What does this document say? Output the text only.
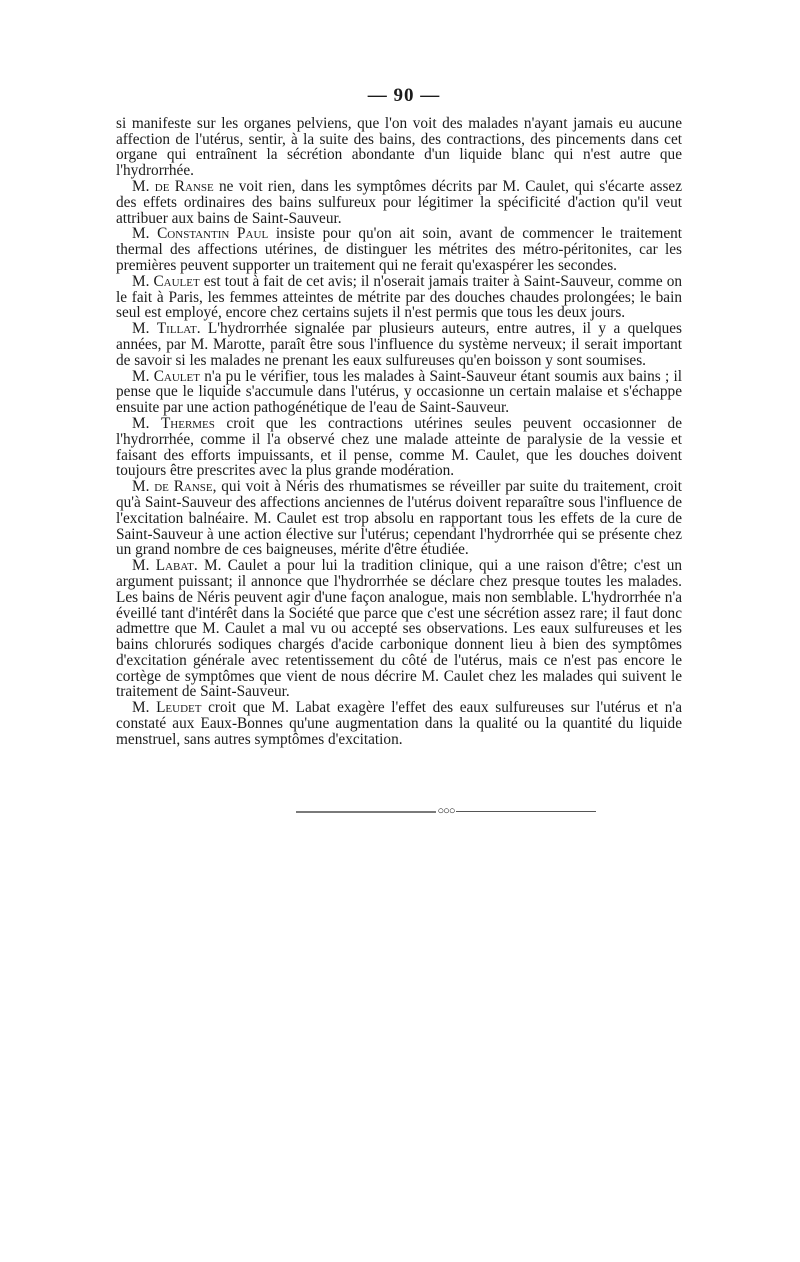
— 90 —

si manifeste sur les organes pelviens, que l'on voit des malades n'ayant jamais eu aucune affection de l'utérus, sentir, à la suite des bains, des contractions, des pincements dans cet organe qui entraînent la sécrétion abondante d'un liquide blanc qui n'est autre que l'hydrorrhée.

M. de Ranse ne voit rien, dans les symptômes décrits par M. Caulet, qui s'écarte assez des effets ordinaires des bains sulfureux pour légitimer la spécificité d'action qu'il veut attribuer aux bains de Saint-Sauveur.

M. Constantin Paul insiste pour qu'on ait soin, avant de commencer le traitement thermal des affections utérines, de distinguer les métrites des métro-péritonites, car les premières peuvent supporter un traitement qui ne ferait qu'exaspérer les secondes.

M. Caulet est tout à fait de cet avis; il n'oserait jamais traiter à Saint-Sauveur, comme on le fait à Paris, les femmes atteintes de métrite par des douches chaudes prolongées; le bain seul est employé, encore chez certains sujets il n'est permis que tous les deux jours.

M. Tillat. L'hydrorrhée signalée par plusieurs auteurs, entre autres, il y a quelques années, par M. Marotte, paraît être sous l'influence du système nerveux; il serait important de savoir si les malades ne prenant les eaux sulfureuses qu'en boisson y sont soumises.

M. Caulet n'a pu le vérifier, tous les malades à Saint-Sauveur étant soumis aux bains ; il pense que le liquide s'accumule dans l'utérus, y occasionne un certain malaise et s'échappe ensuite par une action pathogénétique de l'eau de Saint-Sauveur.

M. Thermes croit que les contractions utérines seules peuvent occasionner de l'hydrorrhée, comme il l'a observé chez une malade atteinte de paralysie de la vessie et faisant des efforts impuissants, et il pense, comme M. Caulet, que les douches doivent toujours être prescrites avec la plus grande modération.

M. de Ranse, qui voit à Néris des rhumatismes se réveiller par suite du traitement, croit qu'à Saint-Sauveur des affections anciennes de l'utérus doivent reparaître sous l'influence de l'excitation balnéaire. M. Caulet est trop absolu en rapportant tous les effets de la cure de Saint-Sauveur à une action élective sur l'utérus; cependant l'hydrorrhée qui se présente chez un grand nombre de ces baigneuses, mérite d'être étudiée.

M. Labat. M. Caulet a pour lui la tradition clinique, qui a une raison d'être; c'est un argument puissant; il annonce que l'hydrorrhée se déclare chez presque toutes les malades. Les bains de Néris peuvent agir d'une façon analogue, mais non semblable. L'hydrorrhée n'a éveillé tant d'intérêt dans la Société que parce que c'est une sécrétion assez rare; il faut donc admettre que M. Caulet a mal vu ou accepté ses observations. Les eaux sulfureuses et les bains chlorurés sodiques chargés d'acide carbonique donnent lieu à bien des symptômes d'excitation générale avec retentissement du côté de l'utérus, mais ce n'est pas encore le cortège de symptômes que vient de nous décrire M. Caulet chez les malades qui suivent le traitement de Saint-Sauveur.

M. Leudet croit que M. Labat exagère l'effet des eaux sulfureuses sur l'utérus et n'a constaté aux Eaux-Bonnes qu'une augmentation dans la qualité ou la quantité du liquide menstruel, sans autres symptômes d'excitation.

○○○
